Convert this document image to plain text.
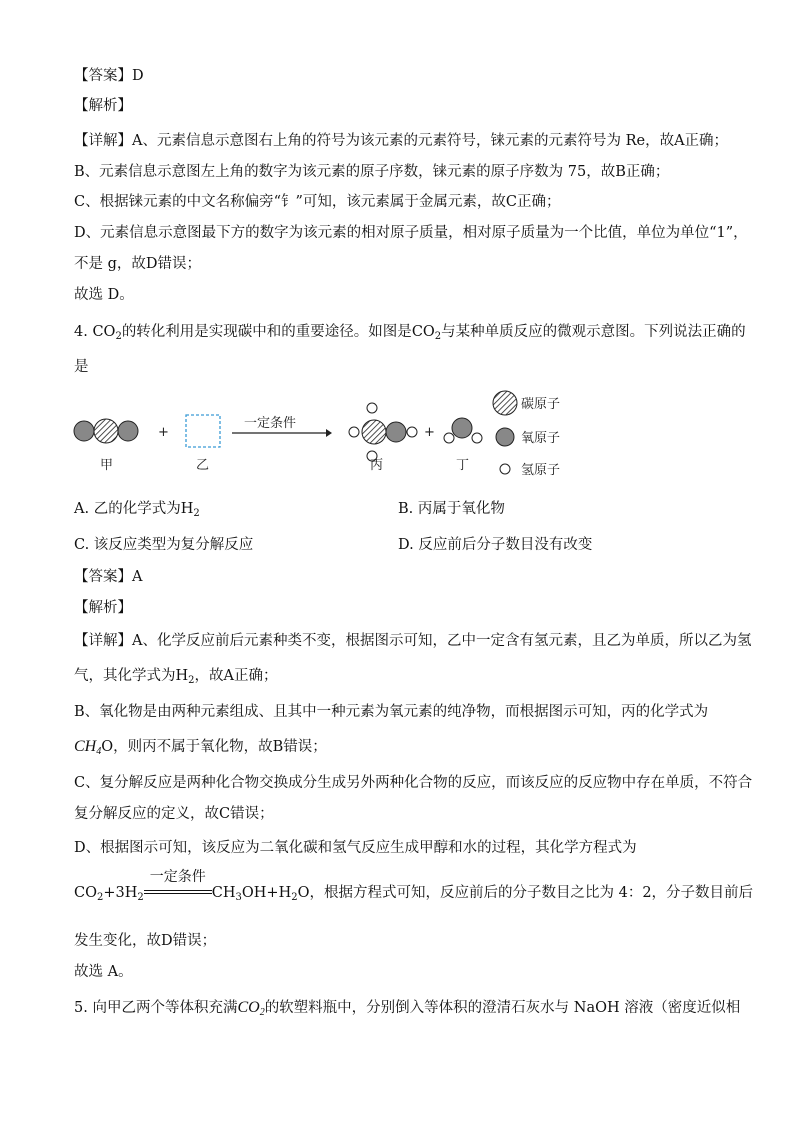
【答案】D
【解析】
【详解】A、元素信息示意图右上角的符号为该元素的元素符号，铼元素的元素符号为 Re，故A正确；
B、元素信息示意图左上角的数字为该元素的原子序数，铼元素的原子序数为 75，故B正确；
C、根据铼元素的中文名称偏旁“钅”可知，该元素属于金属元素，故C正确；
D、元素信息示意图最下方的数字为该元素的相对原子质量，相对原子质量为一个比值，单位为单位“1”，
不是 g，故D错误；
故选 D。
4. $CO_2$的转化利用是实现碳中和的重要途径。如图是$CO_2$与某种单质反应的微观示意图。下列说法正确的
是
甲
+
乙
一定条件
丙
+
丁
碳原子
氧原子
氢原子
A. 乙的化学式为$H_2$	B. 丙属于氧化物
C. 该反应类型为复分解反应	D. 反应前后分子数目没有改变
【答案】A
【解析】
【详解】A、化学反应前后元素种类不变，根据图示可知，乙中一定含有氢元素，且乙为单质，所以乙为氢
气，其化学式为$H_2$，故A正确；
B、氧化物是由两种元素组成、且其中一种元素为氧元素的纯净物，而根据图示可知，丙的化学式为
$CH_4O$，则丙不属于氧化物，故B错误；
C、复分解反应是两种化合物交换成分生成另外两种化合物的反应，而该反应的反应物中存在单质，不符合
复分解反应的定义，故C错误；
D、根据图示可知，该反应为二氧化碳和氢气反应生成甲醇和水的过程，其化学方程式为
$CO_2+3H_2$
一定条件
$CH_3OH+H_2O$，根据方程式可知，反应前后的分子数目之比为 4：2，分子数目前后
发生变化，故D错误；
故选 A。
5. 向甲乙两个等体积充满$CO_2$的软塑料瓶中，分别倒入等体积的澄清石灰水与 NaOH 溶液（密度近似相
